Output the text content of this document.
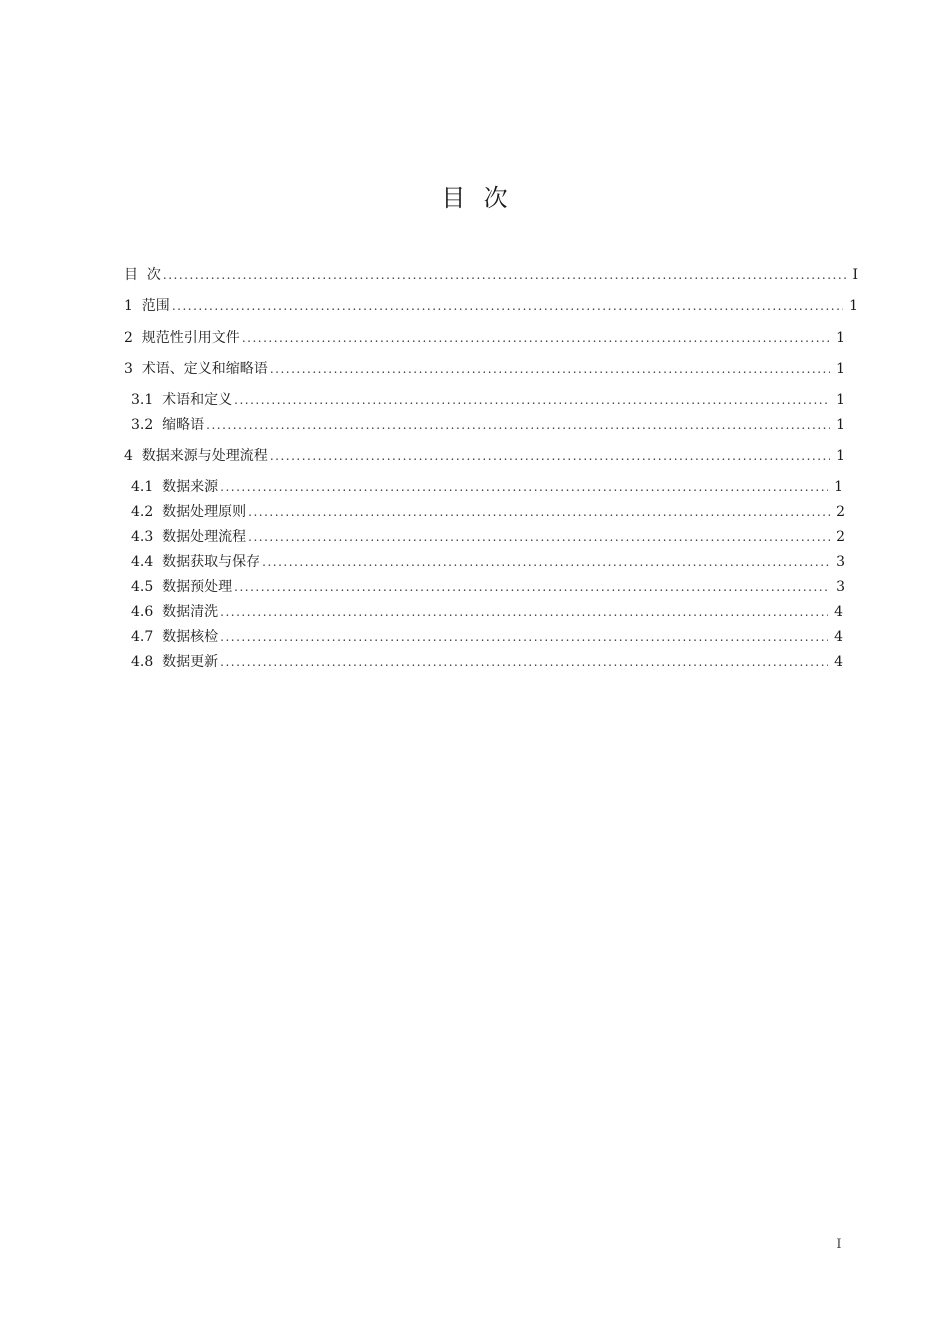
目  次
目  次 .....	I
1  范围 .....	1
2  规范性引用文件 .....	1
3  术语、定义和缩略语 .....	1
3.1  术语和定义 .....	1
3.2  缩略语 .....	1
4  数据来源与处理流程 .....	1
4.1  数据来源 .....	1
4.2  数据处理原则 .....	2
4.3  数据处理流程 .....	2
4.4  数据获取与保存 .....	3
4.5  数据预处理 .....	3
4.6  数据清洗 .....	4
4.7  数据核检 .....	4
4.8  数据更新 .....	4
I
